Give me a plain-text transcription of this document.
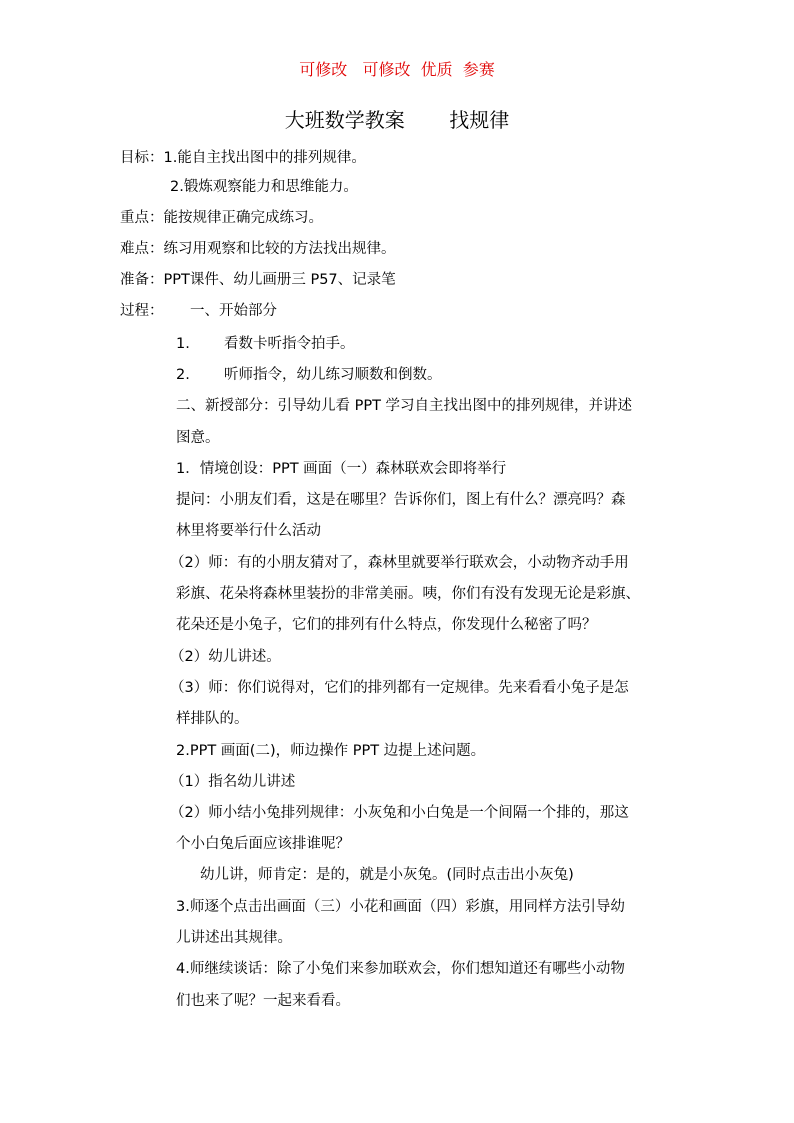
可修改   可修改  优质  参赛
大班数学教案       找规律
目标：1.能自主找出图中的排列规律。
2.锻炼观察能力和思维能力。
重点：能按规律正确完成练习。
难点：练习用观察和比较的方法找出规律。
准备：PPT课件、幼儿画册三 P57、记录笔
过程： 一、开始部分
1. 看数卡听指令拍手。
2. 听师指令，幼儿练习顺数和倒数。
二、新授部分：引导幼儿看 PPT 学习自主找出图中的排列规律，并讲述
图意。
1．情境创设：PPT 画面（一）森林联欢会即将举行
提问：小朋友们看，这是在哪里？告诉你们，图上有什么？漂亮吗？森
林里将要举行什么活动
（2）师：有的小朋友猜对了，森林里就要举行联欢会，小动物齐动手用
彩旗、花朵将森林里装扮的非常美丽。咦，你们有没有发现无论是彩旗、
花朵还是小兔子，它们的排列有什么特点，你发现什么秘密了吗？
（2）幼儿讲述。
（3）师：你们说得对，它们的排列都有一定规律。先来看看小兔子是怎
样排队的。
2.PPT 画面(二)，师边操作 PPT 边提上述问题。
（1）指名幼儿讲述
（2）师小结小兔排列规律：小灰兔和小白兔是一个间隔一个排的，那这
个小白兔后面应该排谁呢？
幼儿讲，师肯定：是的，就是小灰兔。(同时点击出小灰兔)
3.师逐个点击出画面（三）小花和画面（四）彩旗，用同样方法引导幼
儿讲述出其规律。
4.师继续谈话：除了小兔们来参加联欢会，你们想知道还有哪些小动物
们也来了呢？一起来看看。
